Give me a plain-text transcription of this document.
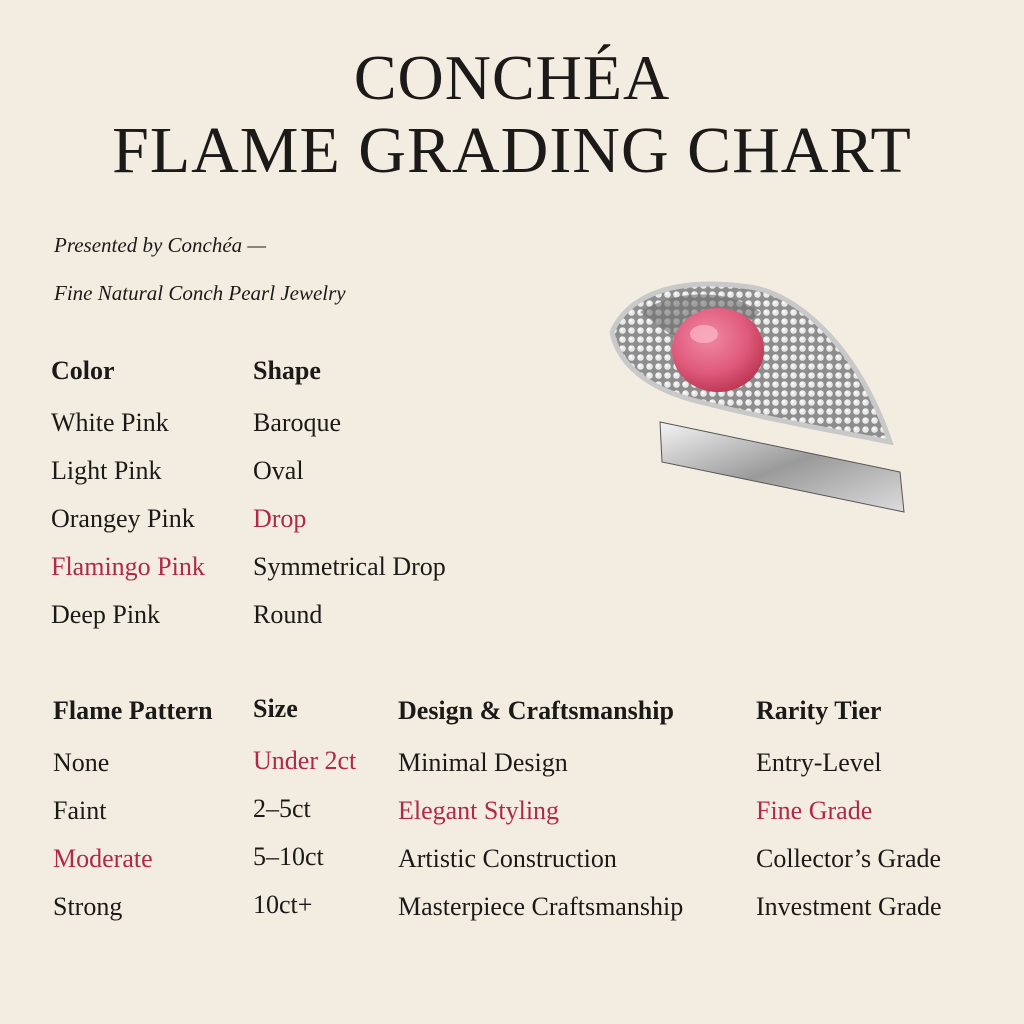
CONCHÉA
FLAME GRADING CHART

Presented by Conchéa —

Fine Natural Conch Pearl Jewelry

Color
White Pink
Light Pink
Orangey Pink
Flamingo Pink
Deep Pink
Shape
Baroque
Oval
Drop
Symmetrical Drop
Round
Flame Pattern
None
Faint
Moderate
Strong
Size
Under 2ct
2–5ct
5–10ct
10ct+
Design & Craftsmanship
Minimal Design
Elegant Styling
Artistic Construction
Masterpiece Craftsmanship
Rarity Tier
Entry-Level
Fine Grade
Collector’s Grade
Investment Grade
